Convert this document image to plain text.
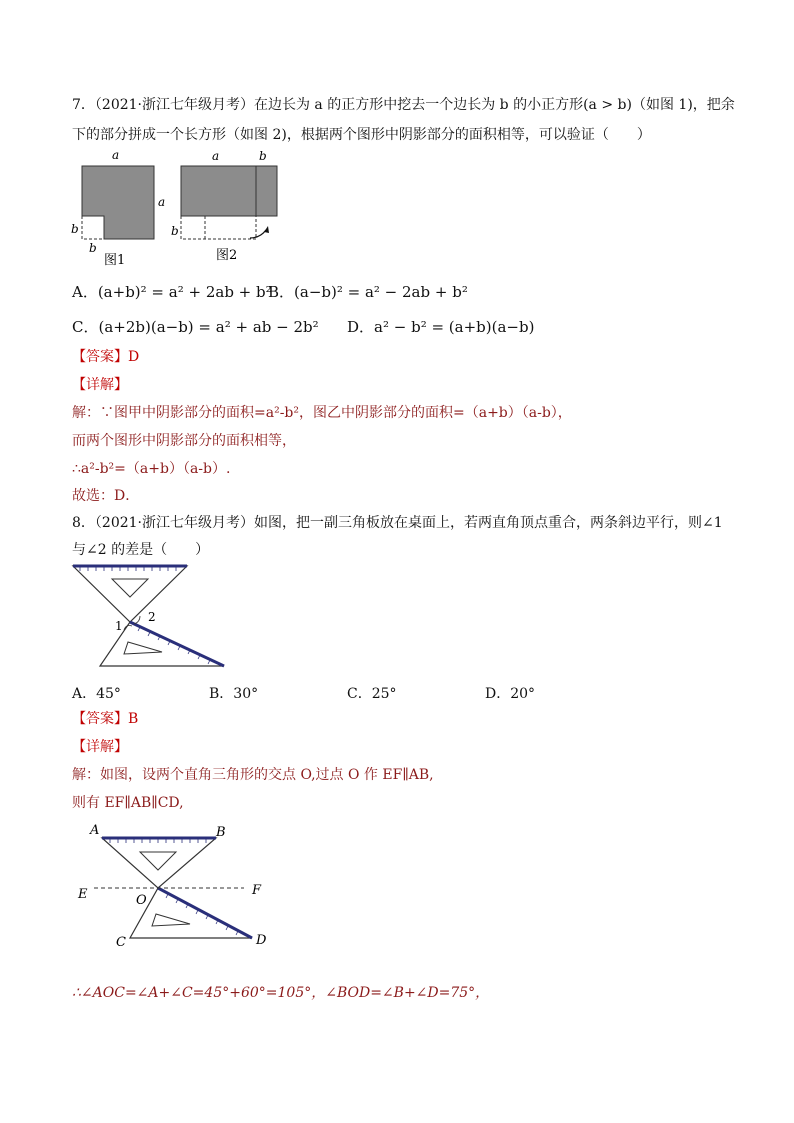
7．（2021·浙江七年级月考）在边长为 a 的正方形中挖去一个边长为 b 的小正方形(a > b)（如图 1)，把余
下的部分拼成一个长方形（如图 2)，根据两个图形中阴影部分的面积相等，可以验证（　　）
a
a
b
b
图1
a	b
b
图2
A．(a+b)² = a² + 2ab + b²
B．(a−b)² = a² − 2ab + b²
C．(a+2b)(a−b) = a² + ab − 2b² D．a² − b² = (a+b)(a−b)
【答案】D
【详解】
解：∵图甲中阴影部分的面积=a²-b²，图乙中阴影部分的面积=（a+b）（a-b），
而两个图形中阴影部分的面积相等，
∴a²-b²=（a+b）（a-b）.
故选：D．
8．（2021·浙江七年级月考）如图，把一副三角板放在桌面上，若两直角顶点重合，两条斜边平行，则∠1
与∠2 的差是（　　）
1
2
A．45°	B．30°	C．25°	D．20°
【答案】B
【详解】
解：如图，设两个直角三角形的交点 O,过点 O 作 EF∥AB,
则有 EF∥AB∥CD,
A	B
E	F
O
C	D
∴∠AOC=∠A+∠C=45°+60°=105°，∠BOD=∠B+∠D=75°，
